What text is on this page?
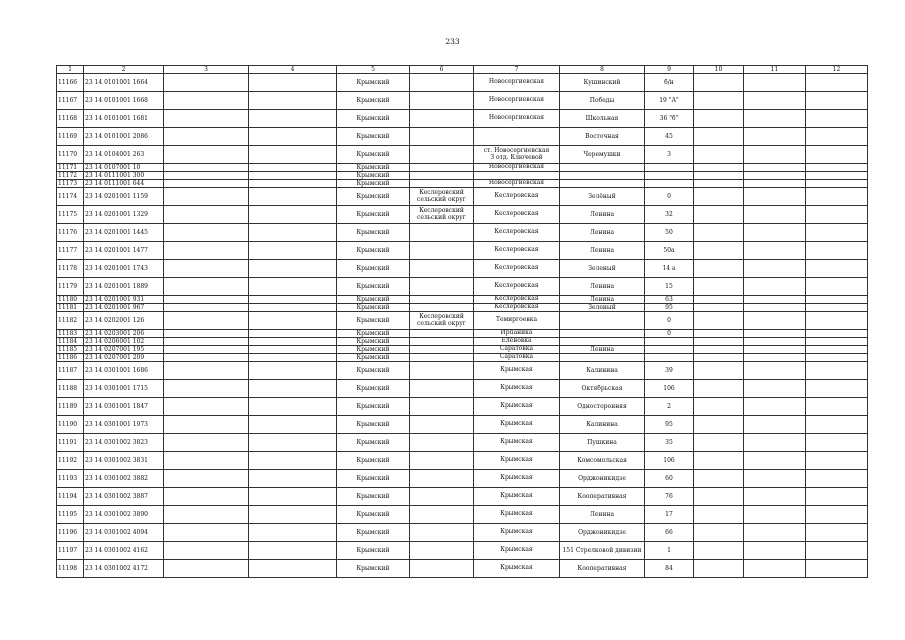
233
1	2	3	4	5	6	7	8	9	10	11	12
11166	23 14 0101001 1664			Крымский		Новосергиевская	Кушинский	б/н			
11167	23 14 0101001 1668			Крымский		Новосергиевская	Победы	19 "А"			
11168	23 14 0101001 1681			Крымский		Новосергиевская	Школьная	36 "б"			
11169	23 14 0101001 2086			Крымский			Восточная	45			
11170	23 14 0104001 263			Крымский		ст. Новосергиевская
З отд. Ключевой	Черемушки	3			
11171	23 14 0107001 10			Крымский		Новосергиевская					
11172	23 14 0111001 300			Крымский							
11173	23 14 0111001 644			Крымский		Новосергиевская					
11174	23 14 0201001 1159			Крымский	Кеслеровский
сельский округ	Кеслеровская	Зелёный	0			
11175	23 14 0201001 1329			Крымский	Кеслеровский
сельский округ	Кеслеровская	Ленина	32			
11176	23 14 0201001 1445			Крымский		Кеслеровская	Ленина	50			
11177	23 14 0201001 1477			Крымский		Кеслеровская	Ленина	50а			
11178	23 14 0201001 1743			Крымский		Кеслеровская	Зеленый	14 а			
11179	23 14 0201001 1889			Крымский		Кеслеровская	Ленина	15			
11180	23 14 0201001 931			Крымский		Кеслеровская	Ленина	63			
11181	23 14 0201001 967			Крымский		Кеслеровская	Зеленый	95			
11182	23 14 0202001 126			Крымский	Кеслеровский
сельский округ	Темиргоевка		0			
11183	23 14 0203001 206			Крымский		Ирпаника		0			
11184	23 14 0206001 102			Крымский		Еленовка					
11185	23 14 0207001 195			Крымский		Саратовка	Ленина				
11186	23 14 0207001 209			Крымский		Саратовка					
11187	23 14 0301001 1686			Крымский		Крымская	Калинина	39			
11188	23 14 0301001 1715			Крымский		Крымская	Октябрьская	106			
11189	23 14 0301001 1847			Крымский		Крымская	Односторонняя	2			
11190	23 14 0301001 1973			Крымский		Крымская	Калинина	95			
11191	23 14 0301002 3823			Крымский		Крымская	Пушкина	35			
11192	23 14 0301002 3831			Крымский		Крымская	Комсомольская	106			
11193	23 14 0301002 3882			Крымский		Крымская	Орджоникидзе	60			
11194	23 14 0301002 3887			Крымский		Крымская	Кооперативная	76			
11195	23 14 0301002 3890			Крымский		Крымская	Ленина	17			
11196	23 14 0301002 4094			Крымский		Крымская	Орджоникидзе	66			
11197	23 14 0301002 4162			Крымский		Крымская	151 Стрелковой дивизии	1			
11198	23 14 0301002 4172			Крымский		Крымская	Кооперативная	84			
